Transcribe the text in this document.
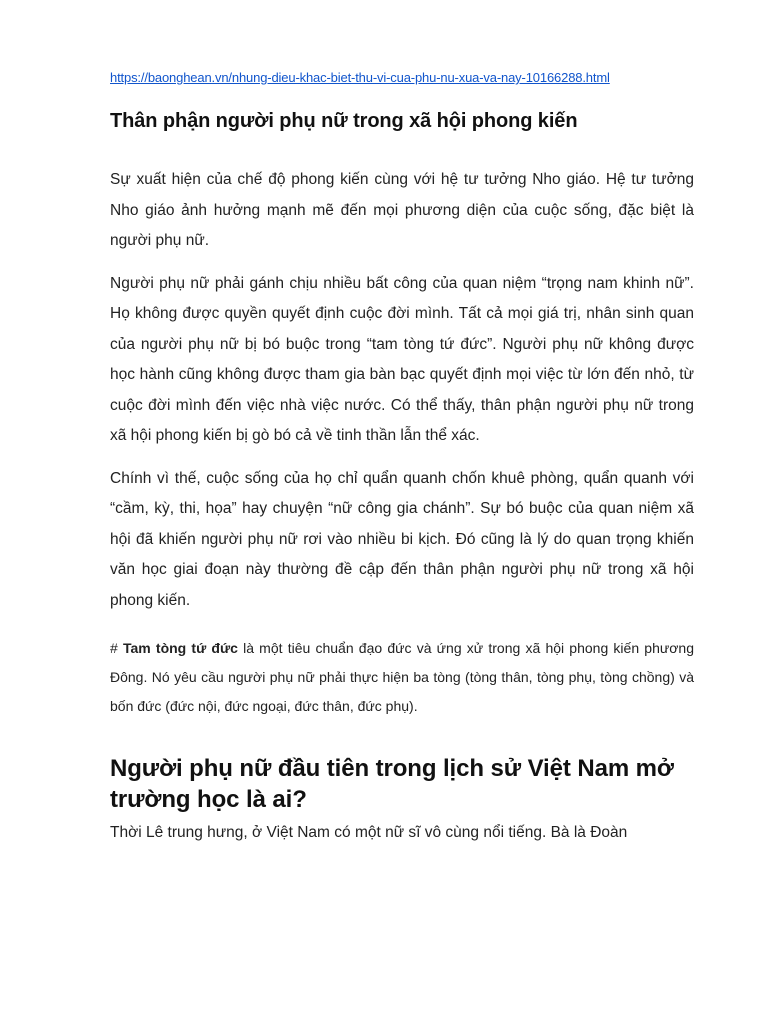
https://baonghean.vn/nhung-dieu-khac-biet-thu-vi-cua-phu-nu-xua-va-nay-10166288.html
Thân phận người phụ nữ trong xã hội phong kiến

Sự xuất hiện của chế độ phong kiến cùng với hệ tư tưởng Nho giáo. Hệ tư tưởng Nho giáo ảnh hưởng mạnh mẽ đến mọi phương diện của cuộc sống, đặc biệt là người phụ nữ.

Người phụ nữ phải gánh chịu nhiều bất công của quan niệm “trọng nam khinh nữ”. Họ không được quyền quyết định cuộc đời mình. Tất cả mọi giá trị, nhân sinh quan của người phụ nữ bị bó buộc trong “tam tòng tứ đức”. Người phụ nữ không được học hành cũng không được tham gia bàn bạc quyết định mọi việc từ lớn đến nhỏ, từ cuộc đời mình đến việc nhà việc nước. Có thể thấy, thân phận người phụ nữ trong xã hội phong kiến bị gò bó cả về tinh thần lẫn thể xác.

Chính vì thế, cuộc sống của họ chỉ quẩn quanh chốn khuê phòng, quẩn quanh với “cầm, kỳ, thi, họa” hay chuyện “nữ công gia chánh”. Sự bó buộc của quan niệm xã hội đã khiến người phụ nữ rơi vào nhiều bi kịch. Đó cũng là lý do quan trọng khiến văn học giai đoạn này thường đề cập đến thân phận người phụ nữ trong xã hội phong kiến.

# Tam tòng tứ đức là một tiêu chuẩn đạo đức và ứng xử trong xã hội phong kiến phương Đông. Nó yêu cầu người phụ nữ phải thực hiện ba tòng (tòng thân, tòng phụ, tòng chồng) và bốn đức (đức nội, đức ngoại, đức thân, đức phụ).

Người phụ nữ đầu tiên trong lịch sử Việt Nam mở trường học là ai?

Thời Lê trung hưng, ở Việt Nam có một nữ sĩ vô cùng nổi tiếng. Bà là Đoàn
